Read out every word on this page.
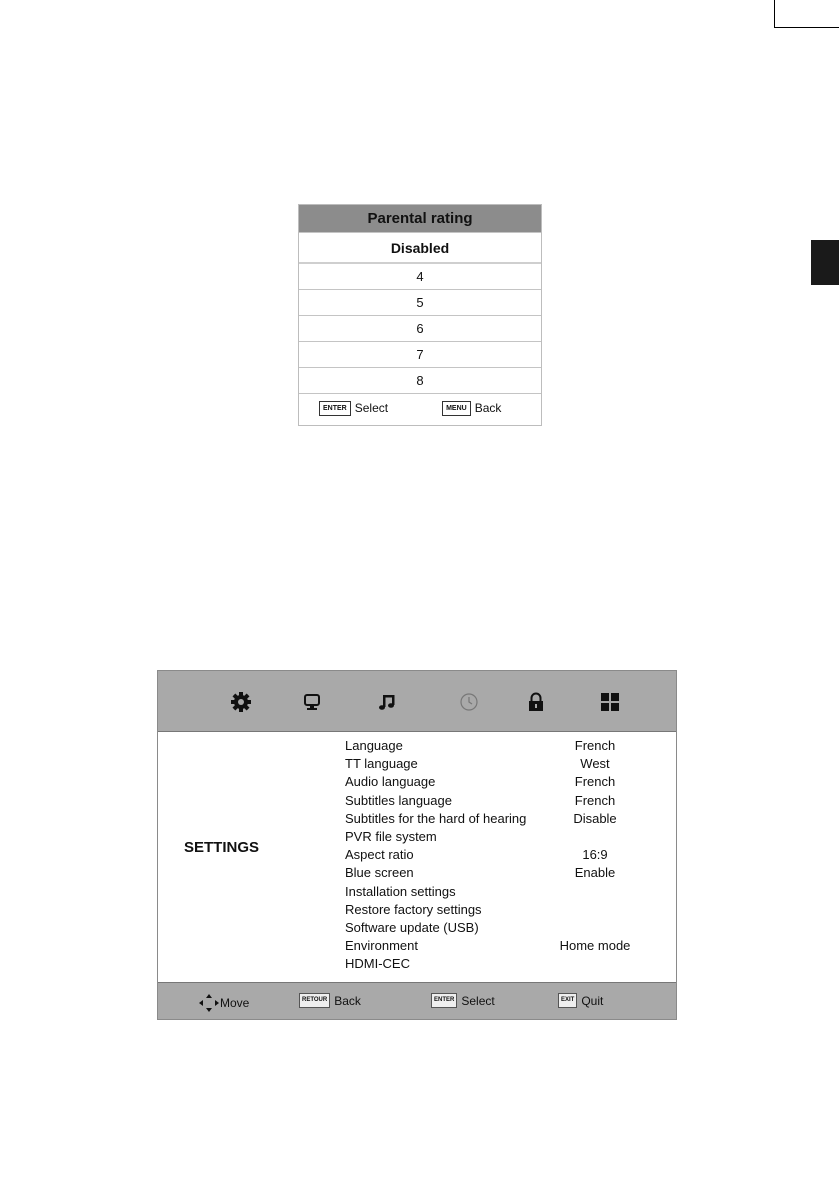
Parental rating
Disabled
4
5
6
7
8
ENTER Select	MENU Back
SETTINGS
Language	French
TT language	West
Audio language	French
Subtitles language	French
Subtitles for the hard of hearing	Disable
PVR file system
Aspect ratio	16:9
Blue screen	Enable
Installation settings
Restore factory settings
Software update (USB)
Environment	Home mode
HDMI-CEC
Move	RETOUR Back	ENTER Select	EXIT Quit
